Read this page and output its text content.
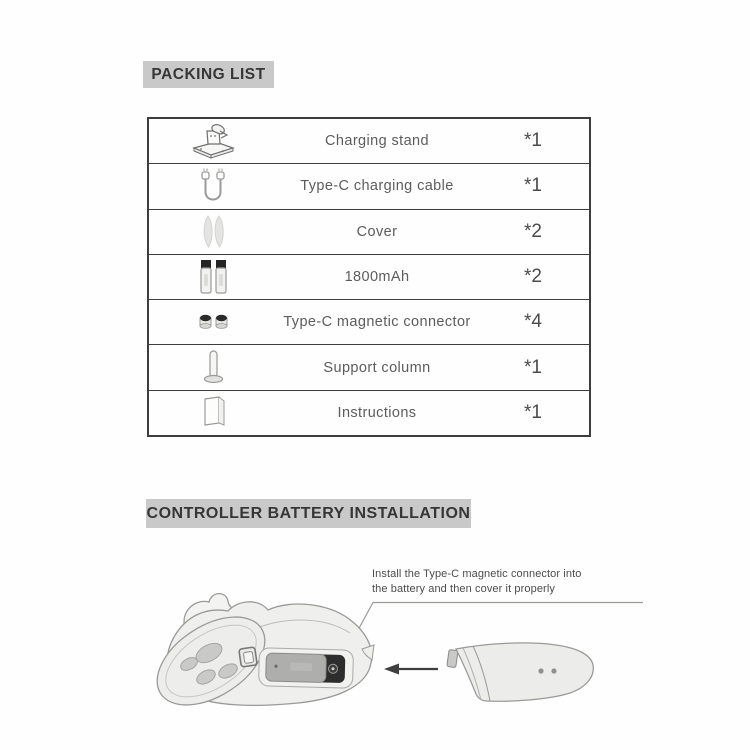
PACKING LIST
Charging stand	*1
Type-C charging cable	*1
Cover	*2
1800mAh	*2
Type-C magnetic connector	*4
Support column	*1
Instructions	*1
CONTROLLER BATTERY INSTALLATION
Install the Type-C magnetic connector into
the battery and then cover it properly
